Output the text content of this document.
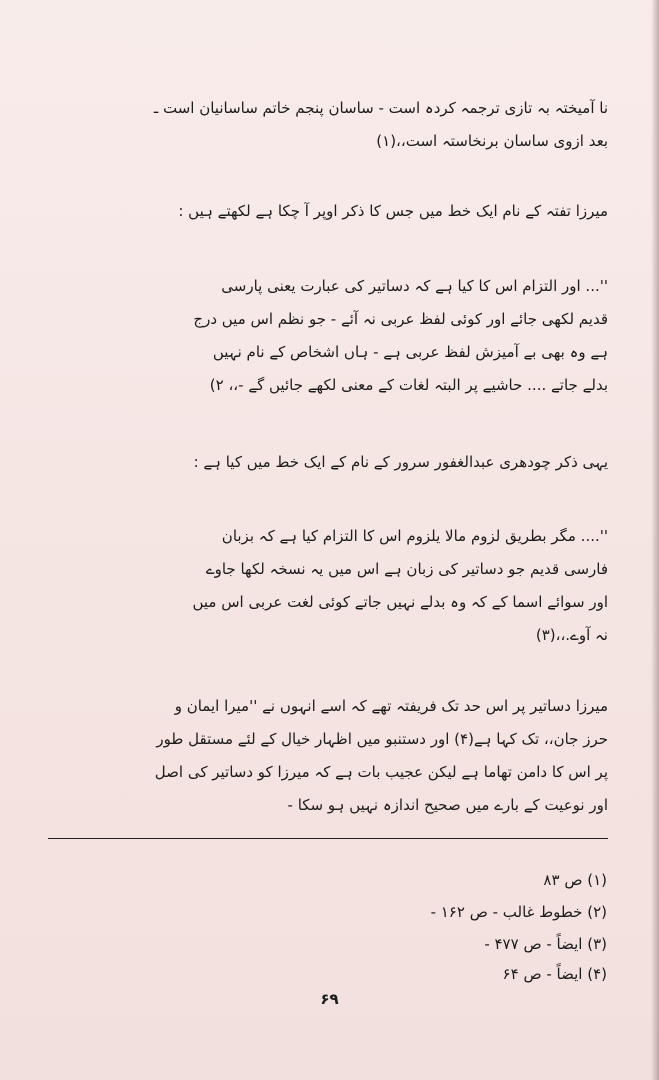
نا آمیختہ بہ تازی ترجمہ کردہ است - ساسان پنجم خاتم ساسانیان است ـ
بعد ازوی ساسان برنخاستہ است،،(۱)
میرزا تفتہ کے نام ایک خط میں جس کا ذکر اوپر آ چکا ہے لکھتے ہیں :
''... اور التزام اس کا کیا ہے کہ دساتیر کی عبارت یعنی پارسی
قدیم لکھی جائے اور کوئی لفظ عربی نہ آئے - جو نظم اس میں درج
ہے وہ بھی بے آمیزش لفظ عربی ہے - ہاں اشخاص کے نام نہیں
بدلے جاتے .... حاشیے پر البتہ لغات کے معنی لکھے جائیں گے -،، ۲)
یہی ذکر چودھری عبدالغفور سرور کے نام کے ایک خط میں کیا ہے :
''.... مگر بطریق لزوم مالا یلزوم اس کا التزام کیا ہے کہ بزبان
فارسی قدیم جو دساتیر کی زبان ہے اس میں یہ نسخہ لکھا جاوے
اور سوائے اسما کے کہ وہ بدلے نہیں جاتے کوئی لغت عربی اس میں
نہ آوے.،،(۳)
میرزا دساتیر پر اس حد تک فریفتہ تھے کہ اسے انہوں نے ''میرا ایمان و
حرز جان،، تک کہا ہے(۴) اور دستنبو میں اظہار خیال کے لئے مستقل طور
پر اس کا دامن تھاما ہے لیکن عجیب بات ہے کہ میرزا کو دساتیر کی اصل
اور نوعیت کے بارے میں صحیح اندازہ نہیں ہو سکا -
(۱) ص ۸۳
(۲) خطوط غالب - ص ۱۶۲ -
(۳) ایضاً - ص ۴۷۷ -
(۴) ایضاً - ص ۶۴
۶۹
